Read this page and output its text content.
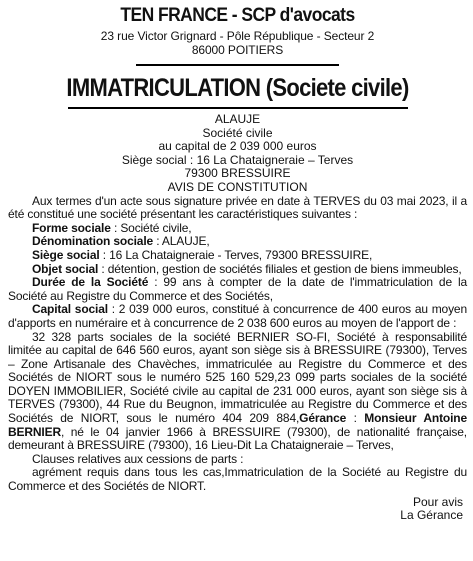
TEN FRANCE - SCP d'avocats
23 rue Victor Grignard - Pôle République - Secteur 2
86000 POITIERS
IMMATRICULATION (Societe civile)
ALAUJE
Société civile
au capital de 2 039 000 euros
Siège social : 16 La Chataigneraie – Terves
79300 BRESSUIRE
AVIS DE CONSTITUTION

Aux termes d'un acte sous signature privée en date à TERVES du 03 mai 2023, il a été constitué une société présentant les caractéristiques suivantes :

Forme sociale : Société civile,

Dénomination sociale : ALAUJE,

Siège social : 16 La Chataigneraie - Terves, 79300 BRESSUIRE,

Objet social : détention, gestion de sociétés filiales et gestion de biens immeubles,

Durée de la Société : 99 ans à compter de la date de l'immatriculation de la Société au Registre du Commerce et des Sociétés,

Capital social : 2 039 000 euros, constitué à concurrence de 400 euros au moyen d'apports en numéraire et à concurrence de 2 038 600 euros au moyen de l'apport de :

32 328 parts sociales de la société BERNIER SO-FI, Société à responsabilité limitée au capital de 646 560 euros, ayant son siège sis à BRESSUIRE (79300), Terves – Zone Artisanale des Chavèches, immatriculée au Registre du Commerce et des Sociétés de NIORT sous le numéro 525 160 529,23 099 parts sociales de la société DOYEN IMMOBILIER, Société civile au capital de 231 000 euros, ayant son siège sis à TERVES (79300), 44 Rue du Beugnon, immatriculée au Registre du Commerce et des Sociétés de NIORT, sous le numéro 404 209 884,Gérance : Monsieur Antoine BERNIER, né le 04 janvier 1966 à BRESSUIRE (79300), de nationalité française, demeurant à BRESSUIRE (79300), 16 Lieu-Dit La Chataigneraie – Terves,

Clauses relatives aux cessions de parts :

agrément requis dans tous les cas,Immatriculation de la Société au Registre du Commerce et des Sociétés de NIORT.

Pour avis
La Gérance
